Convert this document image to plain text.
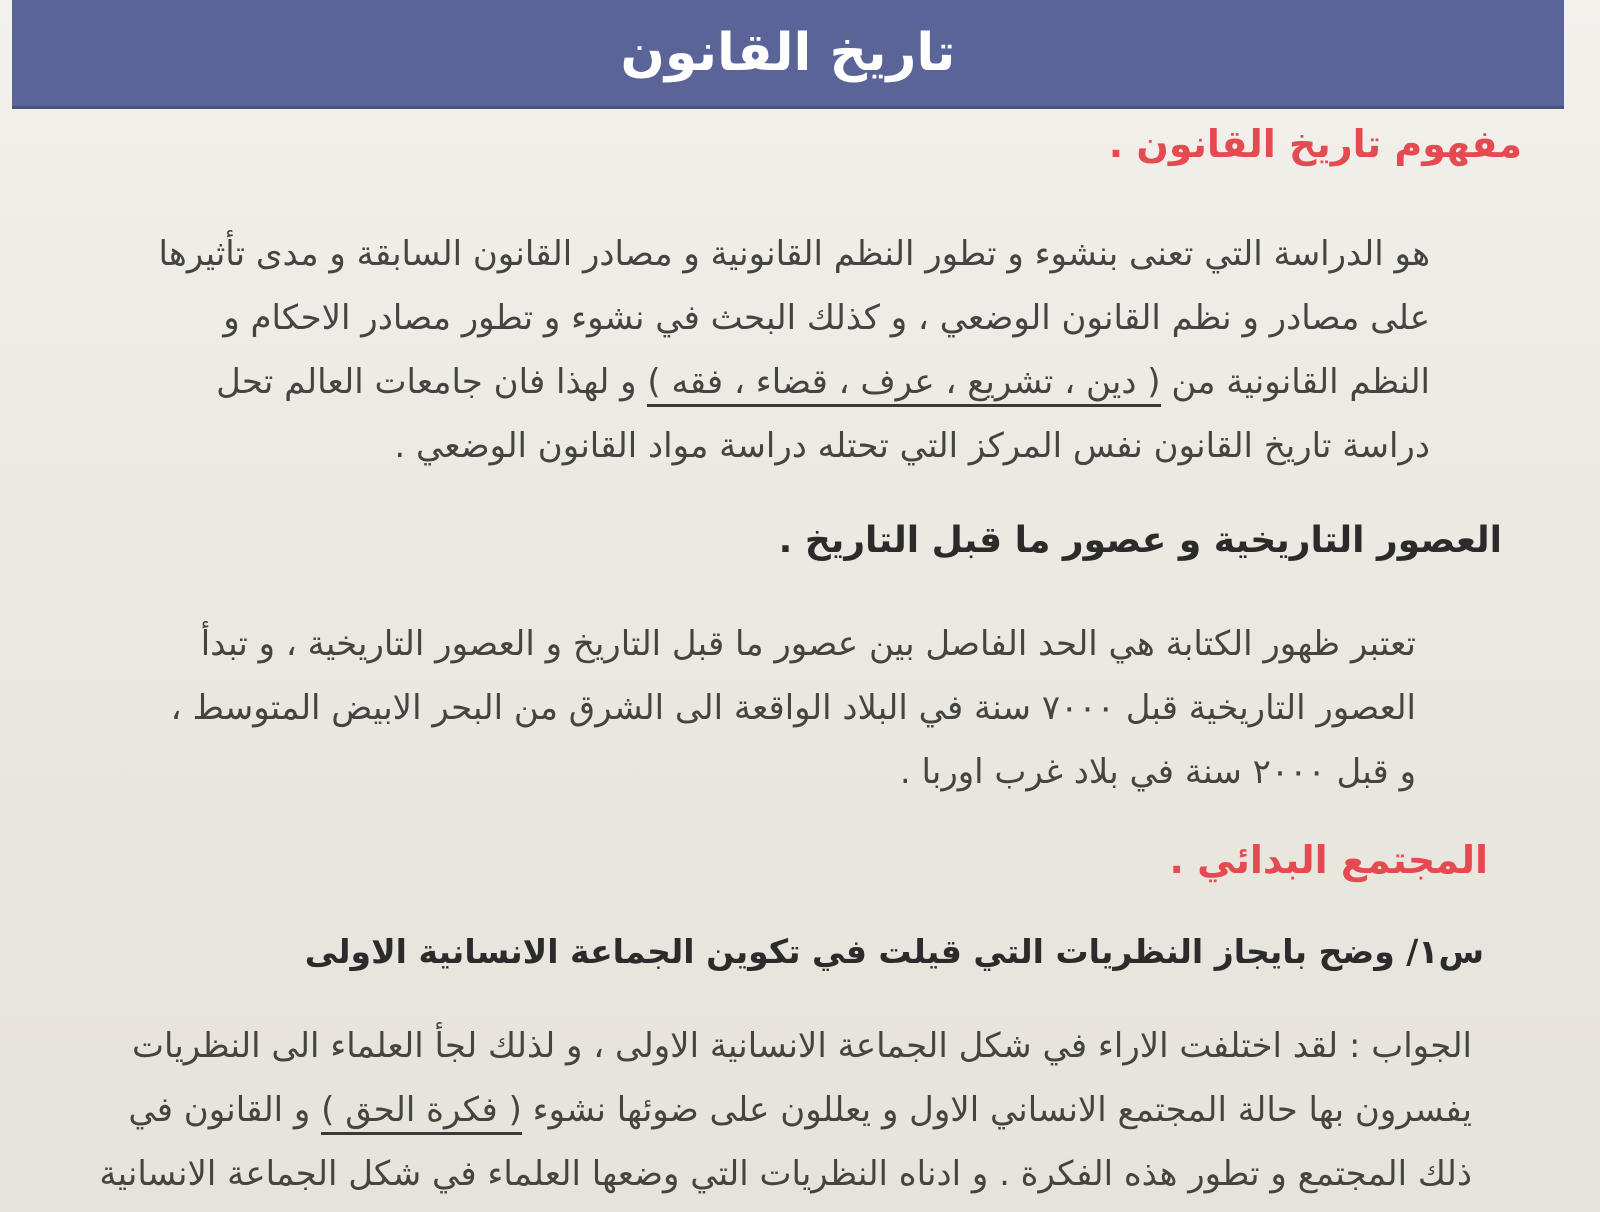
تاريخ القانون
مفهوم تاريخ القانون .
هو الدراسة التي تعنى بنشوء و تطور النظم القانونية و مصادر القانون السابقة و مدى تأثيرها
على مصادر و نظم القانون الوضعي ، و كذلك البحث في نشوء و تطور مصادر الاحكام و
النظم القانونية من ( دين ، تشريع ، عرف ، قضاء ، فقه ) و لهذا فان جامعات العالم تحل
دراسة تاريخ القانون نفس المركز التي تحتله دراسة مواد القانون الوضعي .
العصور التاريخية و عصور ما قبل التاريخ .
تعتبر ظهور الكتابة هي الحد الفاصل بين عصور ما قبل التاريخ و العصور التاريخية ، و تبدأ
العصور التاريخية قبل ٧٠٠٠ سنة في البلاد الواقعة الى الشرق من البحر الابيض المتوسط ،
و قبل ٢٠٠٠ سنة في بلاد غرب اوربا .
المجتمع البدائي .
س١/ وضح بايجاز النظريات التي قيلت في تكوين الجماعة الانسانية الاولى
الجواب : لقد اختلفت الاراء في شكل الجماعة الانسانية الاولى ، و لذلك لجأ العلماء الى النظريات
يفسرون بها حالة المجتمع الانساني الاول و يعللون على ضوئها نشوء ( فكرة الحق ) و القانون في
ذلك المجتمع و تطور هذه الفكرة . و ادناه النظريات التي وضعها العلماء في شكل الجماعة الانسانية
